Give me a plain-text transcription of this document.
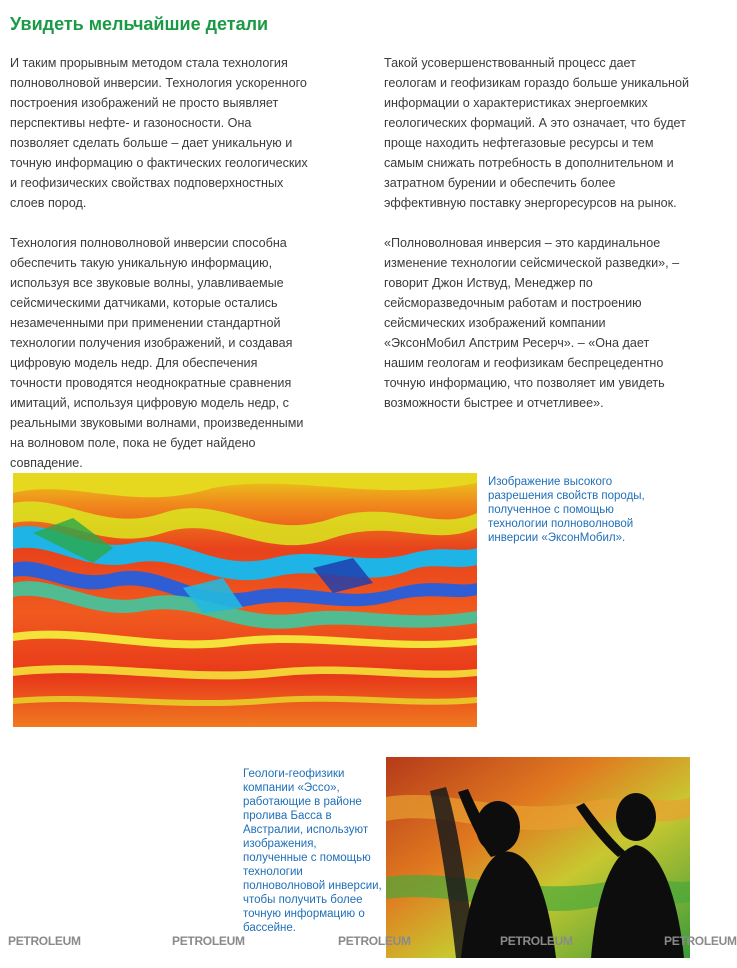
Увидеть мельчайшие детали

И таким прорывным методом стала технология полноволновой инверсии. Технология ускоренного построения изображений не просто выявляет перспективы нефте- и газоносности. Она позволяет сделать больше – дает уникальную и точную информацию о фактических геологических и геофизических свойствах подповерхностных слоев пород.

Технология полноволновой инверсии способна обеспечить такую уникальную информацию, используя все звуковые волны, улавливаемые сейсмическими датчиками, которые остались незамеченными при применении стандартной технологии получения изображений, и создавая цифровую модель недр. Для обеспечения точности проводятся неоднократные сравнения имитаций, используя цифровую модель недр, с реальными звуковыми волнами, произведенными на волновом поле, пока не будет найдено совпадение.

Такой усовершенствованный процесс дает геологам и геофизикам гораздо больше уникальной информации о характеристиках энергоемких геологических формаций. А это означает, что будет проще находить нефтегазовые ресурсы и тем самым снижать потребность в дополнительном и затратном бурении и обеспечить более эффективную поставку энергоресурсов на рынок.

«Полноволновая инверсия – это кардинальное изменение технологии сейсмической разведки», – говорит Джон Иствуд, Менеджер по сейсморазведочным работам и построению сейсмических изображений компании «ЭксонМобил Апстрим Ресерч». – «Она дает нашим геологам и геофизикам беспрецедентно точную информацию, что позволяет им увидеть возможности быстрее и отчетливее».

Изображение высокого разрешения свойств породы, полученное с помощью технологии полноволновой инверсии «ЭксонМобил».
Геологи-геофизики компании «Эссо», работающие в районе пролива Басса в Австралии, используют изображения, полученные с помощью технологии полноволновой инверсии, чтобы получить более точную информацию о бассейне.
PETROLEUM	PETROLEUM	PETROLEUM	PETROLEUM	PETROLEUM
